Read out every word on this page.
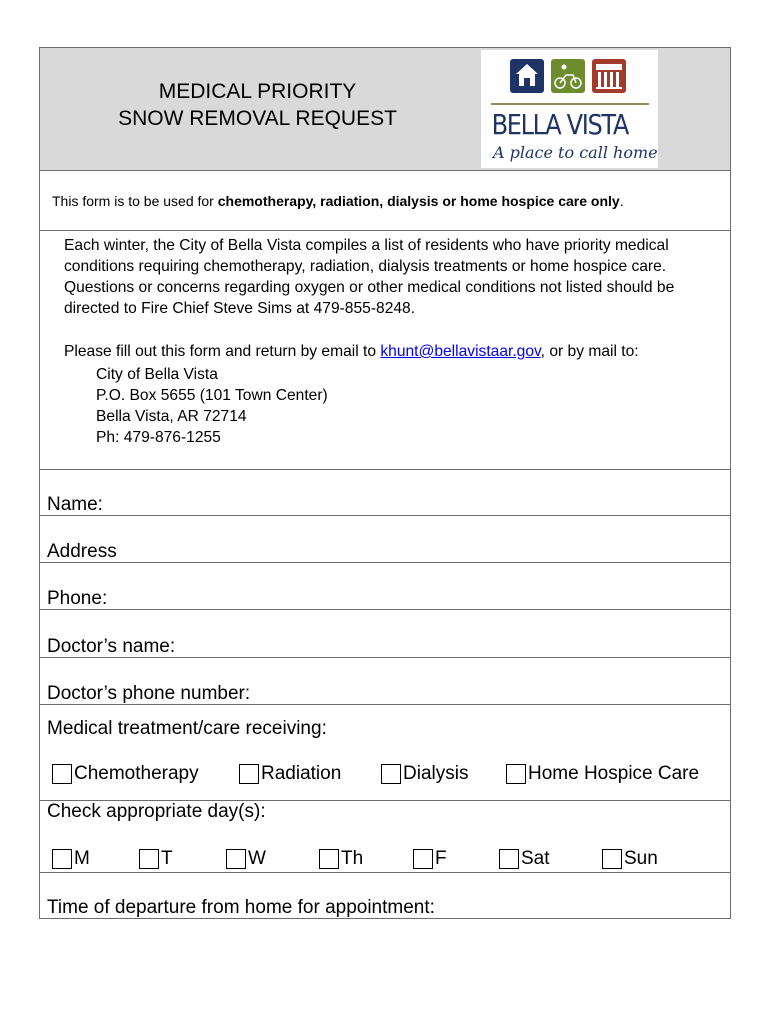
MEDICAL PRIORITY
SNOW REMOVAL REQUEST	BELLA VISTA
A place to call home

This form is to be used for chemotherapy, radiation, dialysis or home hospice care only.

Each winter, the City of Bella Vista compiles a list of residents who have priority medical conditions requiring chemotherapy, radiation, dialysis treatments or home hospice care. Questions or concerns regarding oxygen or other medical conditions not listed should be directed to Fire Chief Steve Sims at 479-855-8248.

Please fill out this form and return by email to khunt@bellavistaar.gov, or by mail to:

City of Bella Vista
P.O. Box 5655 (101 Town Center)
Bella Vista, AR 72714
Ph: 479-876-1255
Name:
Address
Phone:
Doctor’s name:
Doctor’s phone number:
Medical treatment/care receiving:
Chemotherapy	Radiation	Dialysis	Home Hospice Care
Check appropriate day(s):
M	T	W	Th	F	Sat	Sun
Time of departure from home for appointment:
